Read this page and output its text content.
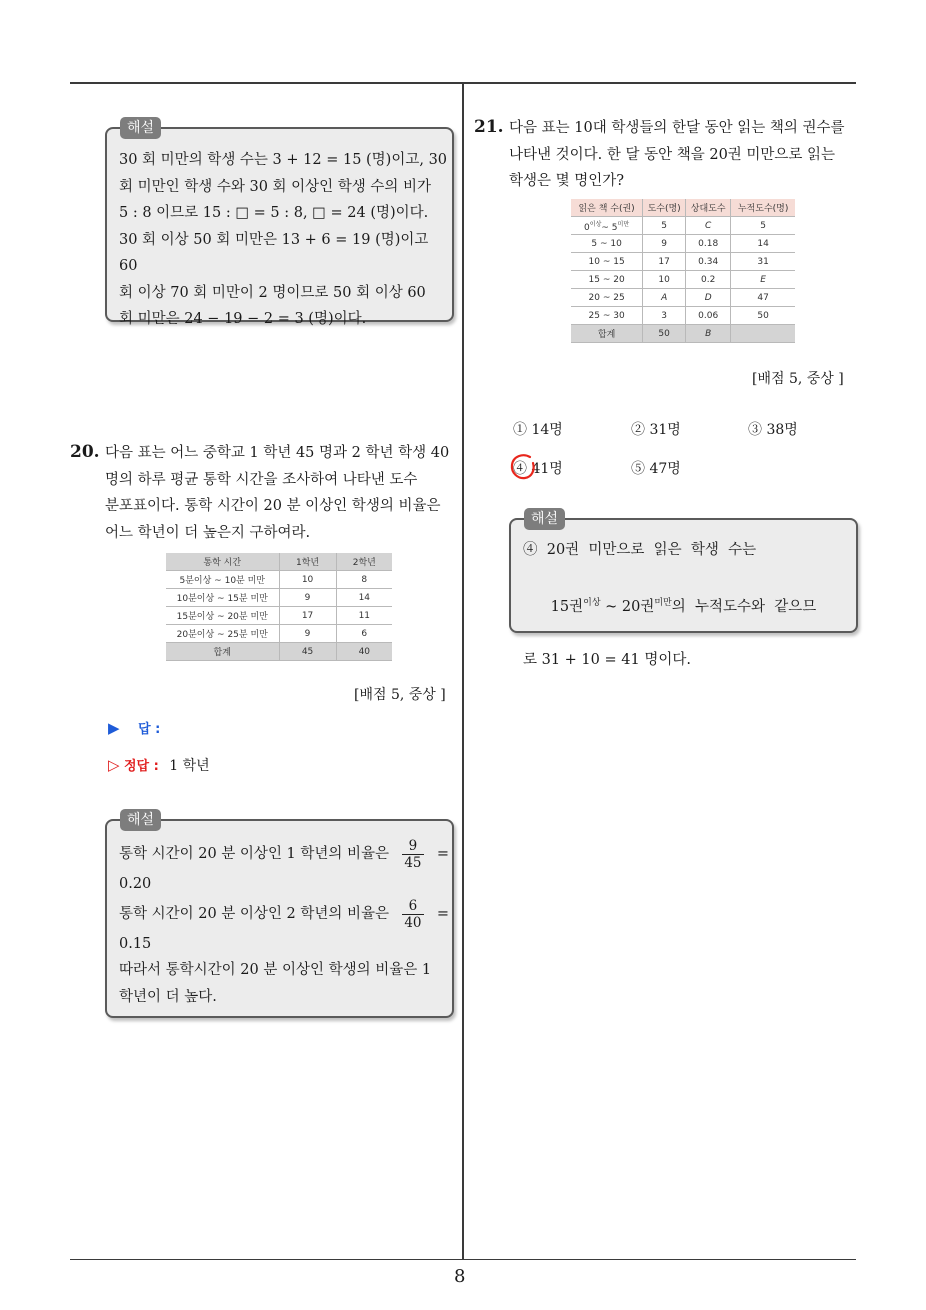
8
30 회 미만의 학생 수는 3 + 12 = 15 (명)이고, 30
회 미만인 학생 수와 30 회 이상인 학생 수의 비가
5 : 8 이므로 15 : □ = 5 : 8, □ = 24 (명)이다.
30 회 이상 50 회 미만은 13 + 6 = 19 (명)이고 60
회 이상 70 회 미만이 2 명이므로 50 회 이상 60
회 미만은 24 − 19 − 2 = 3 (명)이다.
해설
20. 다음 표는 어느 중학교 1 학년 45 명과 2 학년 학생 40
명의 하루 평균 통학 시간을 조사하여 나타낸 도수
분포표이다. 통학 시간이 20 분 이상인 학생의 비율은
어느 학년이 더 높은지 구하여라.
통학 시간	1학년	2학년
5분이상 ~ 10분 미만	10	8
10분이상 ~ 15분 미만	9	14
15분이상 ~ 20분 미만	17	11
20분이상 ~ 25분 미만	9	6
합계	45	40
[배점 5, 중상 ]
▶ 답 :
▷ 정답 : 1 학년
통학 시간이 20 분 이상인 1 학년의 비율은 $\frac{9}{45}$ =
0.20
통학 시간이 20 분 이상인 2 학년의 비율은 $\frac{6}{40}$ =
0.15
따라서 통학시간이 20 분 이상인 학생의 비율은 1
학년이 더 높다.
해설
21. 다음 표는 10대 학생들의 한달 동안 읽는 책의 권수를
나타낸 것이다. 한 달 동안 책을 20권 미만으로 읽는
학생은 몇 명인가?
읽은 책 수(권)	도수(명)	상대도수	누적도수(명)
$0^{이상}\sim$ $5^{미만}$	5	C	5
5 ~ 10	9	0.18	14
10 ~ 15	17	0.34	31
15 ~ 20	10	0.2	E
20 ~ 25	A	D	47
25 ~ 30	3	0.06	50
합계	50	B	
[배점 5, 중상 ]
① 14명	② 31명	③ 38명
④ 41명	⑤ 47명
④  20권  미만으로  읽은  학생  수는

15권$^{이상}$ ~ 20권$^{미만}$의  누적도수와  같으므

로 31 + 10 = 41 명이다.
해설
